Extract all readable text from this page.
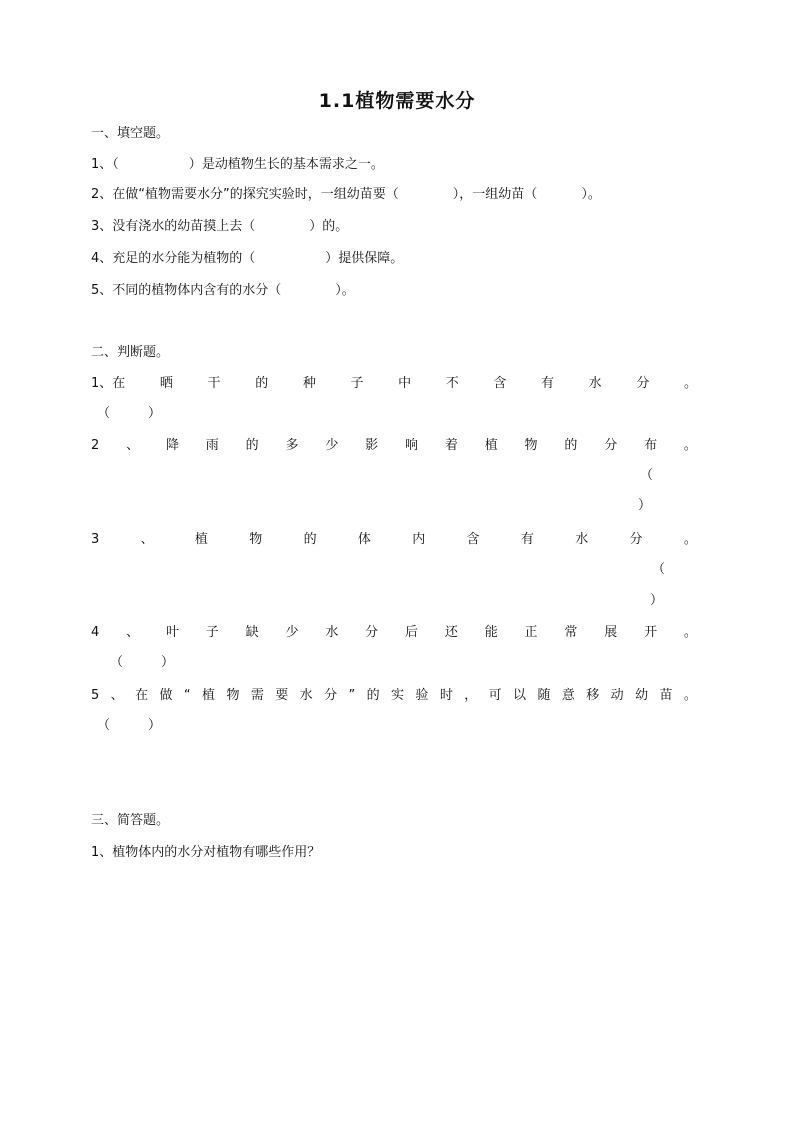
1.1植物需要水分
一、填空题。
1、（	）是动植物生长的基本需求之一。
2、在做“植物需要水分”的探究实验时，一组幼苗要（	），一组幼苗（	）。
3、没有浇水的幼苗摸上去（	）的。
4、充足的水分能为植物的（	）提供保障。
5、不同的植物体内含有的水分（	）。
二、判断题。
1、在	晒	干	的	种	子	中	不	含	有	水	分	。
（	）
2 、 降 雨 的 多 少 影 响 着 植 物 的 分 布 。
（
）
3	、	植	物	的	体	内	含	有	水	分	。
（
）
4 、 叶 子 缺 少 水 分 后 还 能 正 常 展 开 。
（	）
5 、 在 做 “ 植 物 需 要 水 分 ” 的 实 验 时 ， 可 以 随 意 移 动 幼 苗 。
（	）
三、简答题。
1、植物体内的水分对植物有哪些作用？
